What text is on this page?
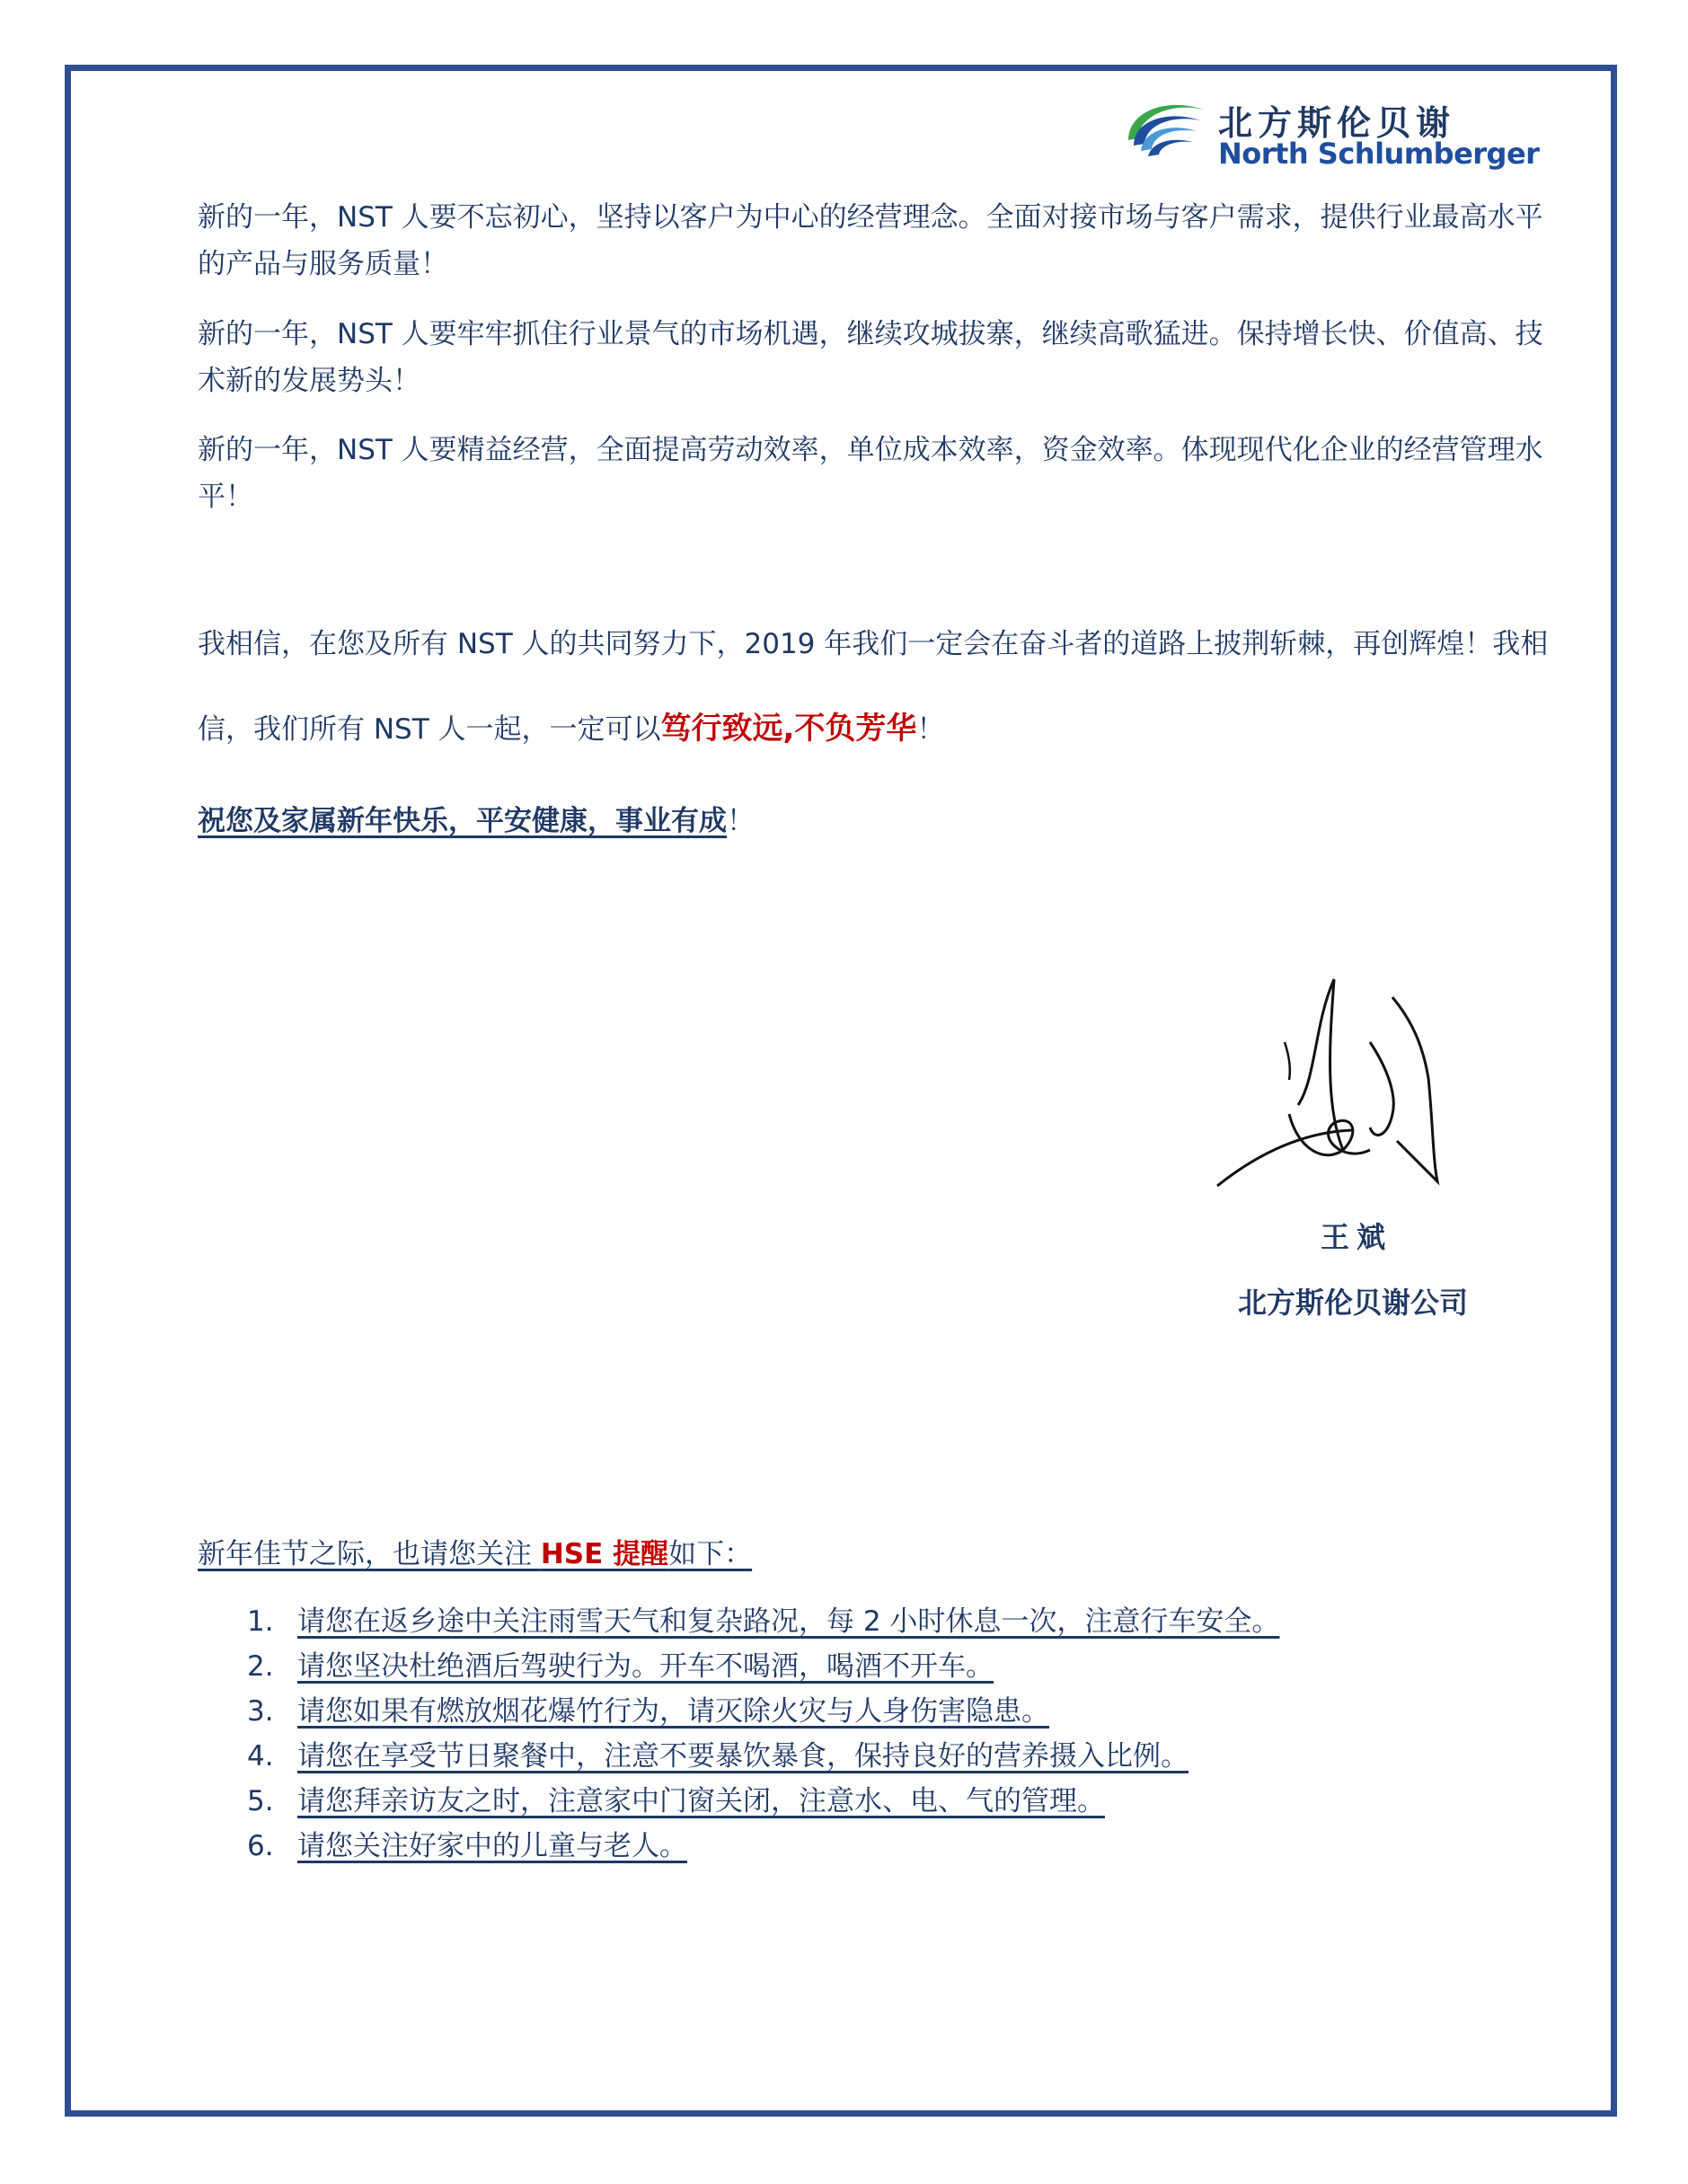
北方斯伦贝谢
North Schlumberger

新的一年，NST 人要不忘初心，坚持以客户为中心的经营理念。全面对接市场与客户需求，提供行业最高水平的产品与服务质量！

新的一年，NST 人要牢牢抓住行业景气的市场机遇，继续攻城拔寨，继续高歌猛进。保持增长快、价值高、技术新的发展势头！

新的一年，NST 人要精益经营，全面提高劳动效率，单位成本效率，资金效率。体现现代化企业的经营管理水平！

我相信，在您及所有 NST 人的共同努力下，2019 年我们一定会在奋斗者的道路上披荆斩棘，再创辉煌！我相信，我们所有 NST 人一起，一定可以笃行致远,不负芳华！

祝您及家属新年快乐，平安健康，事业有成！
王斌
北方斯伦贝谢公司
新年佳节之际，也请您关注 HSE 提醒如下：
1. 请您在返乡途中关注雨雪天气和复杂路况，每 2 小时休息一次，注意行车安全。
2. 请您坚决杜绝酒后驾驶行为。开车不喝酒，喝酒不开车。
3. 请您如果有燃放烟花爆竹行为，请灭除火灾与人身伤害隐患。
4. 请您在享受节日聚餐中，注意不要暴饮暴食，保持良好的营养摄入比例。
5. 请您拜亲访友之时，注意家中门窗关闭，注意水、电、气的管理。
6. 请您关注好家中的儿童与老人。
